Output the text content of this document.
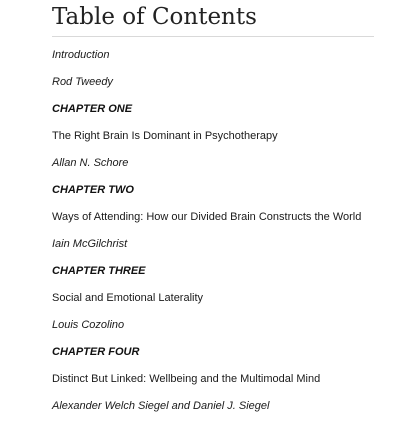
Table of Contents
Introduction
Rod Tweedy
CHAPTER ONE
The Right Brain Is Dominant in Psychotherapy
Allan N. Schore
CHAPTER TWO
Ways of Attending: How our Divided Brain Constructs the World
Iain McGilchrist
CHAPTER THREE
Social and Emotional Laterality
Louis Cozolino
CHAPTER FOUR
Distinct But Linked: Wellbeing and the Multimodal Mind
Alexander Welch Siegel and Daniel J. Siegel
